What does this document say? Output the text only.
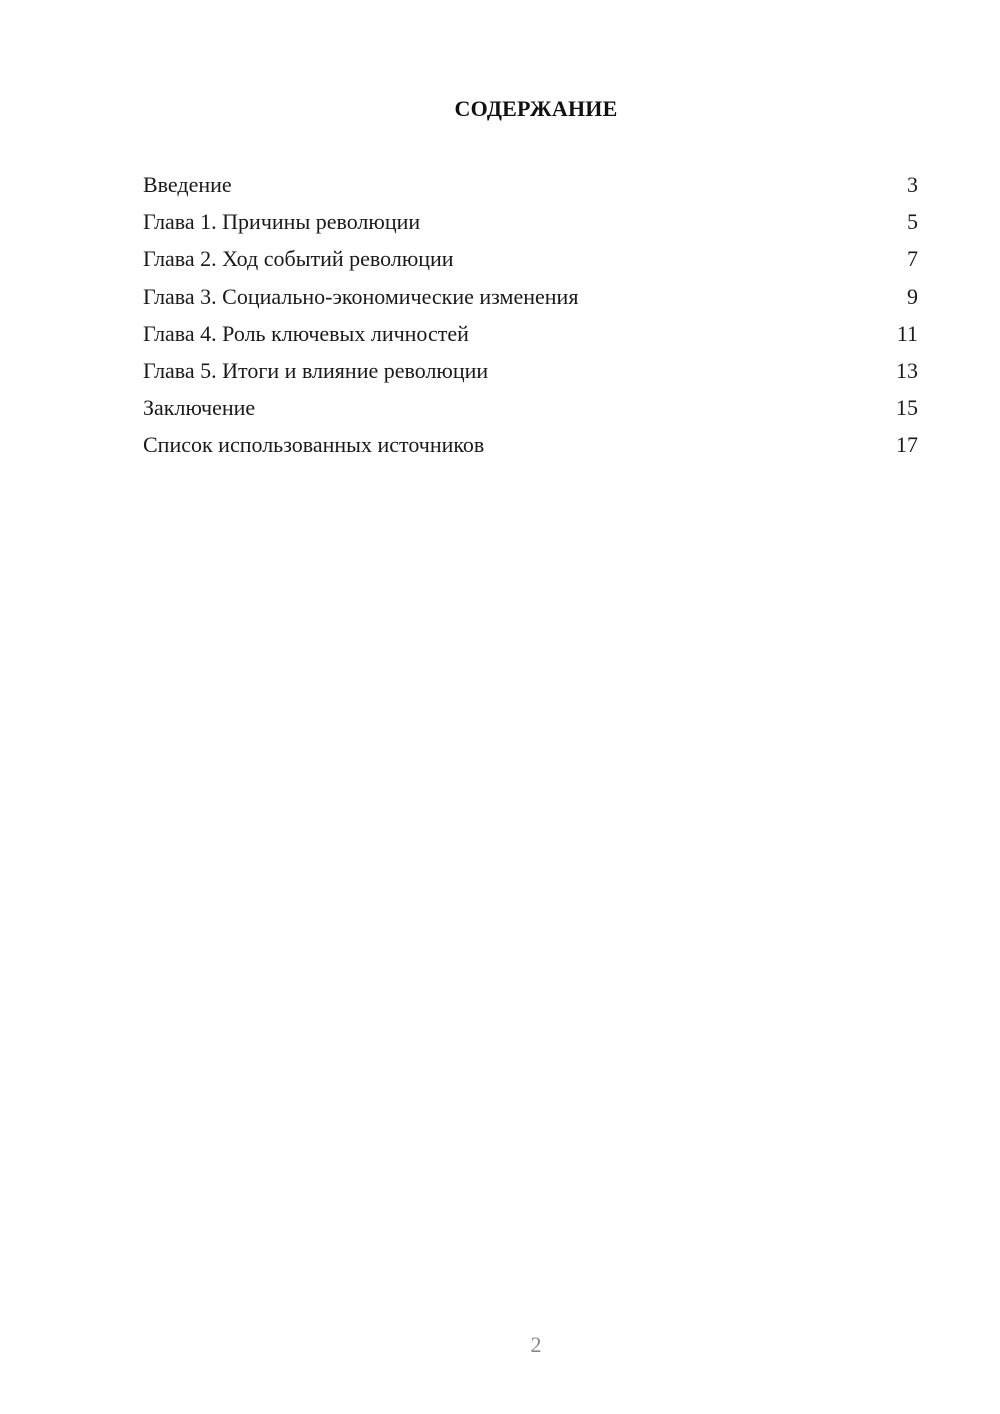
СОДЕРЖАНИЕ
Введение	3
Глава 1. Причины революции	5
Глава 2. Ход событий революции	7
Глава 3. Социально-экономические изменения	9
Глава 4. Роль ключевых личностей	11
Глава 5. Итоги и влияние революции	13
Заключение	15
Список использованных источников	17
2
